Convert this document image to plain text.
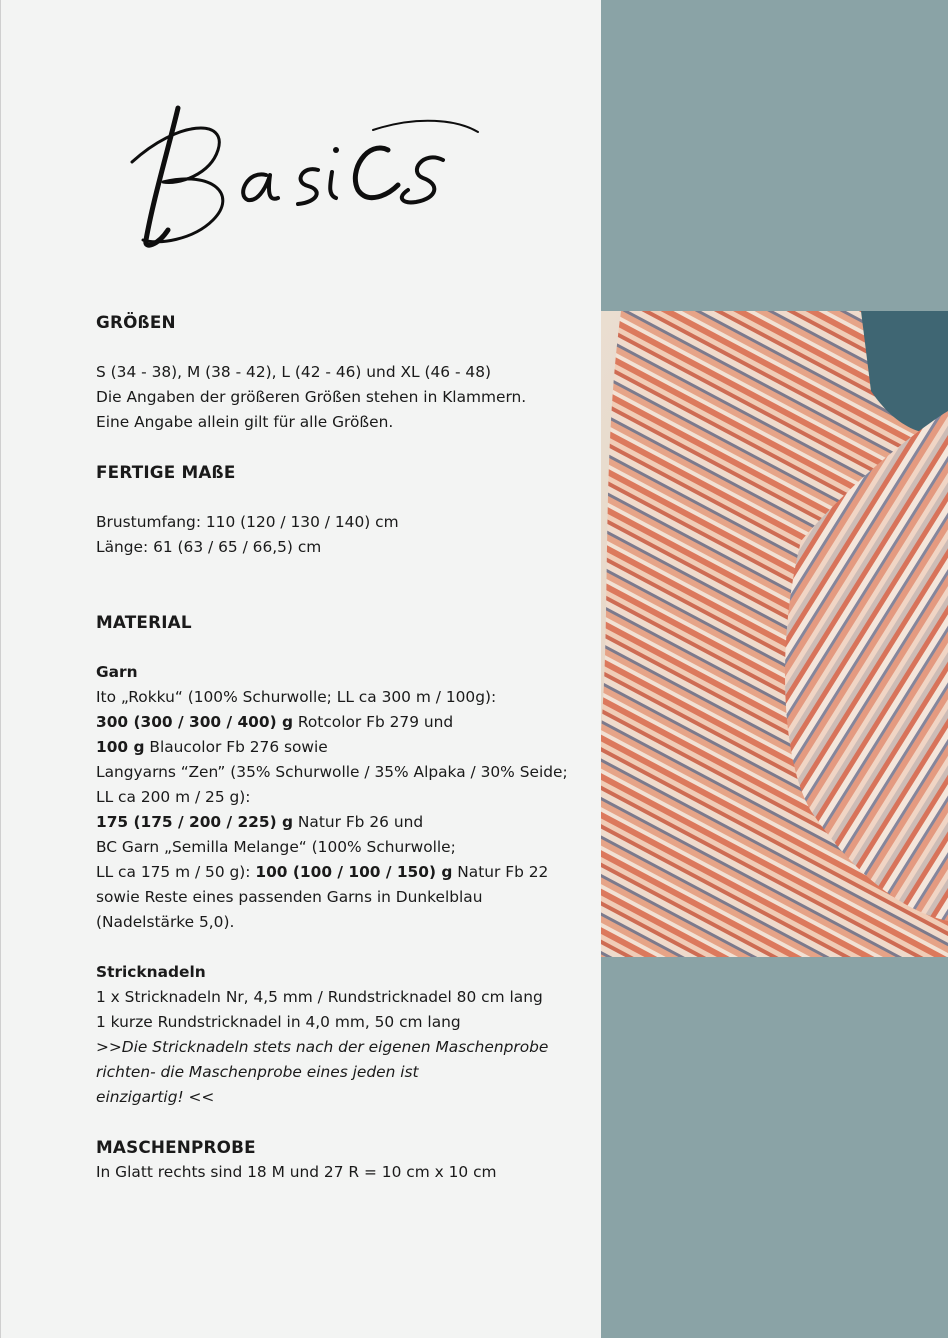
GRÖßEN
S (34 - 38), M (38 - 42), L (42 - 46) und XL (46 - 48)
Die Angaben der größeren Größen stehen in Klammern.
Eine Angabe allein gilt für alle Größen.
FERTIGE MAßE
Brustumfang: 110 (120 / 130 / 140) cm
Länge: 61 (63 / 65 / 66,5) cm
MATERIAL
Garn
Ito „Rokku“ (100% Schurwolle; LL ca 300 m / 100g):
300 (300 / 300 / 400) g Rotcolor Fb 279 und
100 g Blaucolor Fb 276 sowie
Langyarns “Zen” (35% Schurwolle / 35% Alpaka / 30% Seide;
LL ca 200 m / 25 g):
175 (175 / 200 / 225) g Natur Fb 26 und
BC Garn „Semilla Melange“ (100% Schurwolle;
LL ca 175 m / 50 g): 100 (100 / 100 / 150) g Natur Fb 22
sowie Reste eines passenden Garns in Dunkelblau
(Nadelstärke 5,0).
Stricknadeln
1 x Stricknadeln Nr, 4,5 mm / Rundstricknadel 80 cm lang
1 kurze Rundstricknadel in 4,0 mm, 50 cm lang
>>Die Stricknadeln stets nach der eigenen Maschenprobe
richten- die Maschenprobe eines jeden ist
einzigartig! <<
MASCHENPROBE
In Glatt rechts sind 18 M und 27 R = 10 cm x 10 cm
